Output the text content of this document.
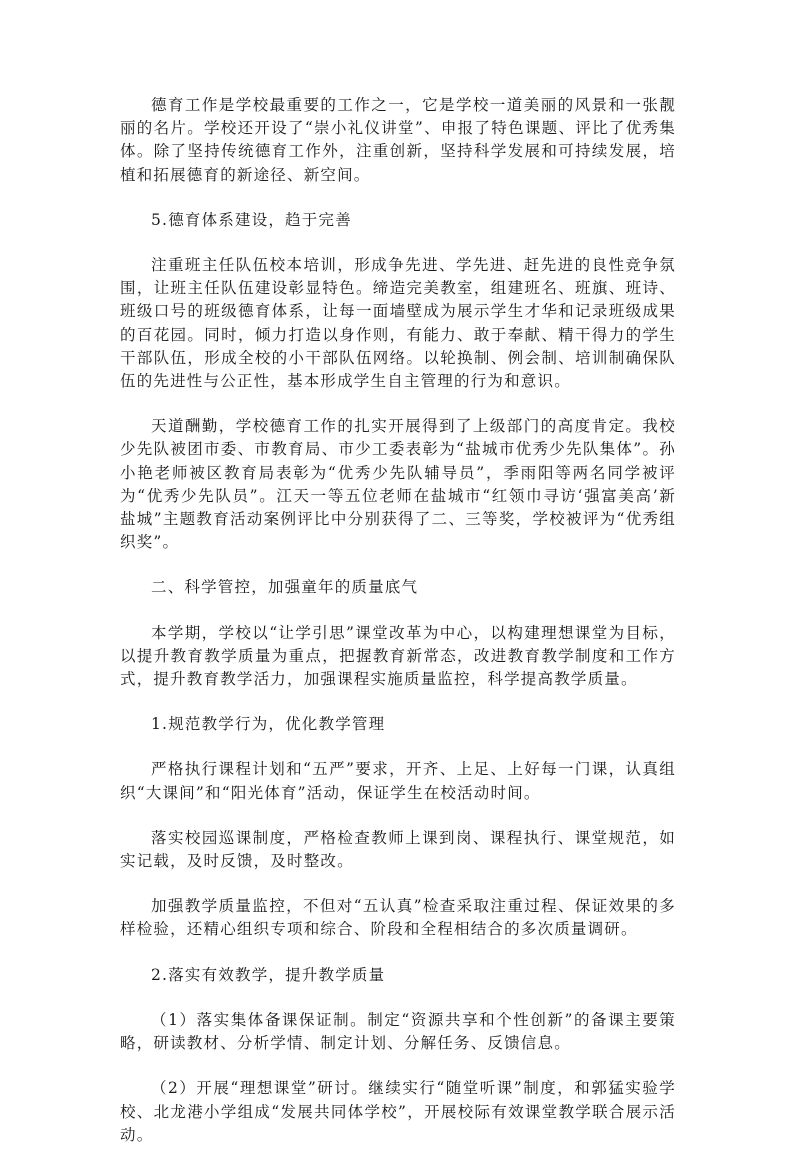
德育工作是学校最重要的工作之一，它是学校一道美丽的风景和一张靓丽的名片。学校还开设了“崇小礼仪讲堂”、申报了特色课题、评比了优秀集体。除了坚持传统德育工作外，注重创新，坚持科学发展和可持续发展，培植和拓展德育的新途径、新空间。

5.德育体系建设，趋于完善

注重班主任队伍校本培训，形成争先进、学先进、赶先进的良性竞争氛围，让班主任队伍建设彰显特色。缔造完美教室，组建班名、班旗、班诗、班级口号的班级德育体系，让每一面墙壁成为展示学生才华和记录班级成果的百花园。同时，倾力打造以身作则，有能力、敢于奉献、精干得力的学生干部队伍，形成全校的小干部队伍网络。以轮换制、例会制、培训制确保队伍的先进性与公正性，基本形成学生自主管理的行为和意识。

天道酬勤，学校德育工作的扎实开展得到了上级部门的高度肯定。我校少先队被团市委、市教育局、市少工委表彰为“盐城市优秀少先队集体”。孙小艳老师被区教育局表彰为“优秀少先队辅导员”，季雨阳等两名同学被评为“优秀少先队员”。江天一等五位老师在盐城市“红领巾寻访‘强富美高’新盐城”主题教育活动案例评比中分别获得了二、三等奖，学校被评为“优秀组织奖”。

二、科学管控，加强童年的质量底气

本学期，学校以“让学引思”课堂改革为中心，以构建理想课堂为目标，以提升教育教学质量为重点，把握教育新常态，改进教育教学制度和工作方式，提升教育教学活力，加强课程实施质量监控，科学提高教学质量。

1.规范教学行为，优化教学管理

严格执行课程计划和“五严”要求，开齐、上足、上好每一门课，认真组织“大课间”和“阳光体育”活动，保证学生在校活动时间。

落实校园巡课制度，严格检查教师上课到岗、课程执行、课堂规范，如实记载，及时反馈，及时整改。

加强教学质量监控，不但对“五认真”检查采取注重过程、保证效果的多样检验，还精心组织专项和综合、阶段和全程相结合的多次质量调研。

2.落实有效教学，提升教学质量

（1）落实集体备课保证制。制定“资源共享和个性创新”的备课主要策略，研读教材、分析学情、制定计划、分解任务、反馈信息。

（2）开展“理想课堂”研讨。继续实行“随堂听课”制度，和郭猛实验学校、北龙港小学组成“发展共同体学校”，开展校际有效课堂教学联合展示活动。
